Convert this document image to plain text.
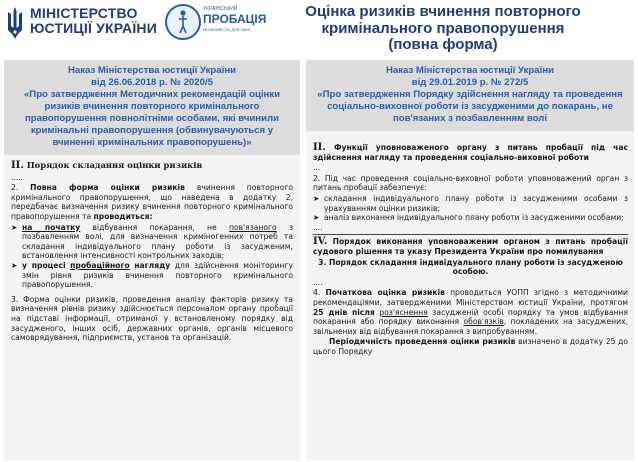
МІНІСТЕРСТВО
ЮСТИЦІЇ УКРАЇНИ
УКРАЇНСЬКИЙ
ПРОБАЦІЯ
МОЖЛИВІСТЬ ДЛЯ ЗМІН
Оцінка ризиків вчинення повторного
кримінального правопорушення
(повна форма)
Наказ Міністерства юстиції України
від 26.06.2018 р. № 2020/5
«Про затвердження Методичних рекомендацій оцінки ризиків вчинення повторного кримінального правопорушення повнолітніми особами, які вчинили кримінальні правопорушення (обвинувачуються у вчиненні кримінальних правопорушень)»
II. Порядок складання оцінки ризиків
.....
2. Повна форма оцінки ризиків вчинення повторного кримінального правопорушення, що наведена в додатку 2, передбачає визначення ризику вчинення повторного кримінального правопорушення та проводиться:
➤ на початку відбування покарання, не пов'язаного з позбавленням волі, для визначення криміногенних потреб та складання індивідуального плану роботи із засудженим, встановлення інтенсивності контрольних заходів;
➤ у процесі пробаційного нагляду для здійснення моніторингу змін рівня ризиків вчинення повторного кримінального правопорушення.
3. Форма оцінки ризиків, проведення аналізу факторів ризику та визначення рівнів ризику здійснюється персоналом органу пробації на підставі інформації, отриманої у встановленому порядку від засудженого, інших осіб, державних органів, органів місцевого самоврядування, підприємств, установ та організацій.
Наказ Міністерства юстиції України
від 29.01.2019 р. № 272/5
«Про затвердження Порядку здійснення нагляду та проведення соціально-виховної роботи із засудженими до покарань, не пов'язаних з позбавленням волі
II. Функції уповноваженого органу з питань пробації під час здійснення нагляду та проведення соціально-виховної роботи
...
2. Під час проведення соціально-виховної роботи уповноважений орган з питань пробації забезпечує:
➤ складання індивідуального плану роботи із засудженими особами з урахуванням оцінки ризиків;
➤ аналіз виконання індивідуального плану роботи із засудженими особами;
....
IV. Порядок виконання уповноваженим органом з питань пробації судового рішення та указу Президента України про помилування
3. Порядок складання індивідуального плану роботи із засудженою особою.
....
4. Початкова оцінка ризиків проводиться УОПП згідно з методичними рекомендаціями, затвердженими Міністерством юстиції України, протягом 25 днів після роз'яснення засудженій особі порядку та умов відбування покарання або порядку виконання обов'язків, покладених на засуджених, звільнених від відбування покарання з випробуванням.
Періодичність проведення оцінки ризиків визначено в додатку 25 до цього Порядку
